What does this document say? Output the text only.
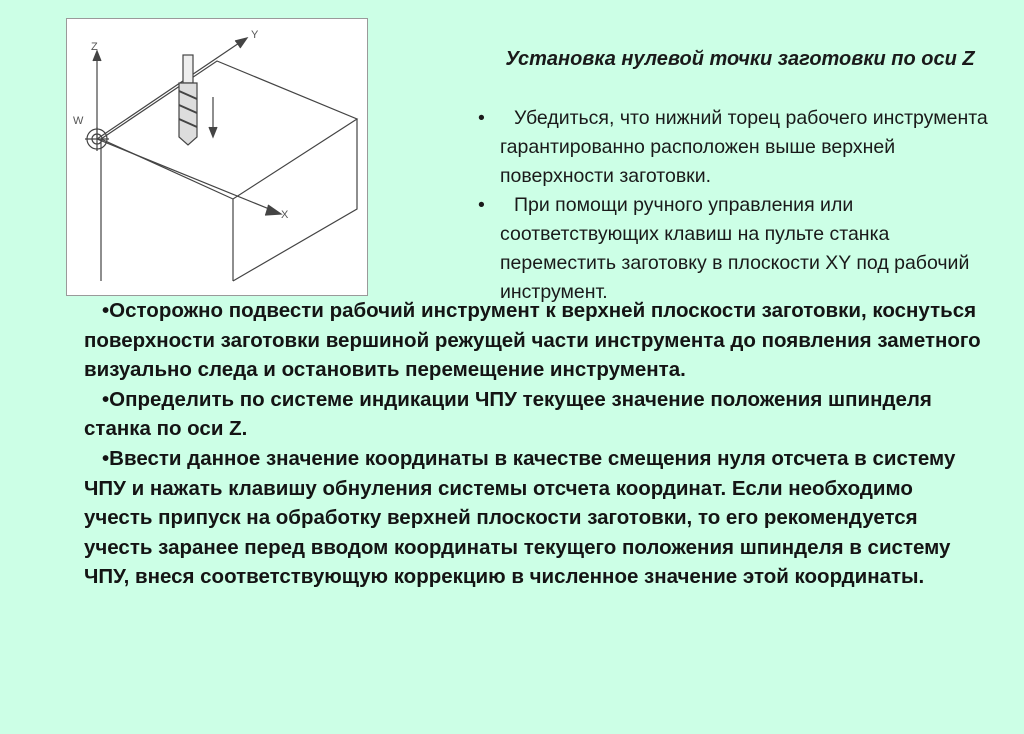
Z
Y
X
W
Установка нулевой точки заготовки по оси Z
•	Убедиться, что нижний торец рабочего инструмента гарантированно расположен выше верхней поверхности заготовки.
•	При помощи ручного управления или соответствующих клавиш на пульте станка переместить заготовку в плоскости XY под рабочий инструмент.

•Осторожно подвести рабочий инструмент к верхней плоскости заготовки, коснуться поверхности заготовки вершиной режущей части инструмента до появления заметного визуально следа и остановить перемещение инструмента.

•Определить по системе индикации ЧПУ текущее значение положения шпинделя станка по оси Z.

•Ввести данное значение координаты в качестве смещения нуля отсчета в систему ЧПУ и нажать клавишу обнуления системы отсчета координат. Если необходимо учесть припуск на обработку верхней плоскости заготовки, то его рекомендуется учесть заранее перед вводом координаты текущего положения шпинделя в систему ЧПУ, внеся соответствующую коррекцию в численное значение этой координаты.
